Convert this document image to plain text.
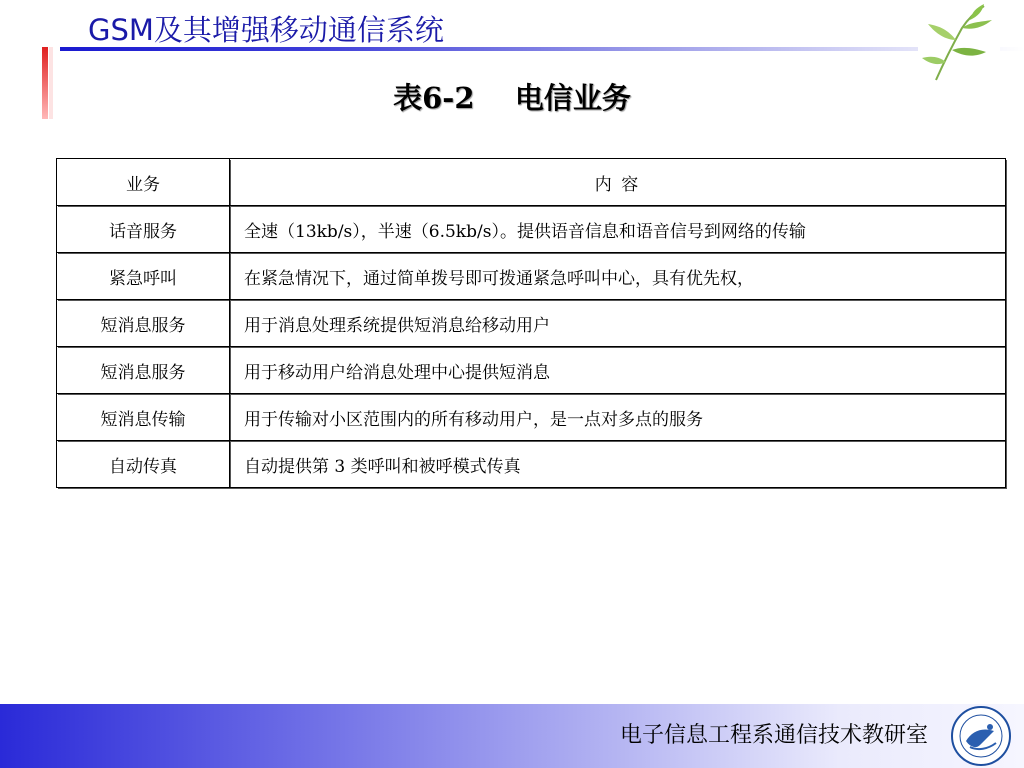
GSM及其增强移动通信系统
表6-2    电信业务
业务	内 容
话音服务	全速（13kb/s），半速（6.5kb/s）。提供语音信息和语音信号到网络的传输
紧急呼叫	在紧急情况下，通过简单拨号即可拨通紧急呼叫中心，具有优先权，
短消息服务	用于消息处理系统提供短消息给移动用户
短消息服务	用于移动用户给消息处理中心提供短消息
短消息传输	用于传输对小区范围内的所有移动用户，是一点对多点的服务
自动传真	自动提供第 3 类呼叫和被呼模式传真
电子信息工程系通信技术教研室
